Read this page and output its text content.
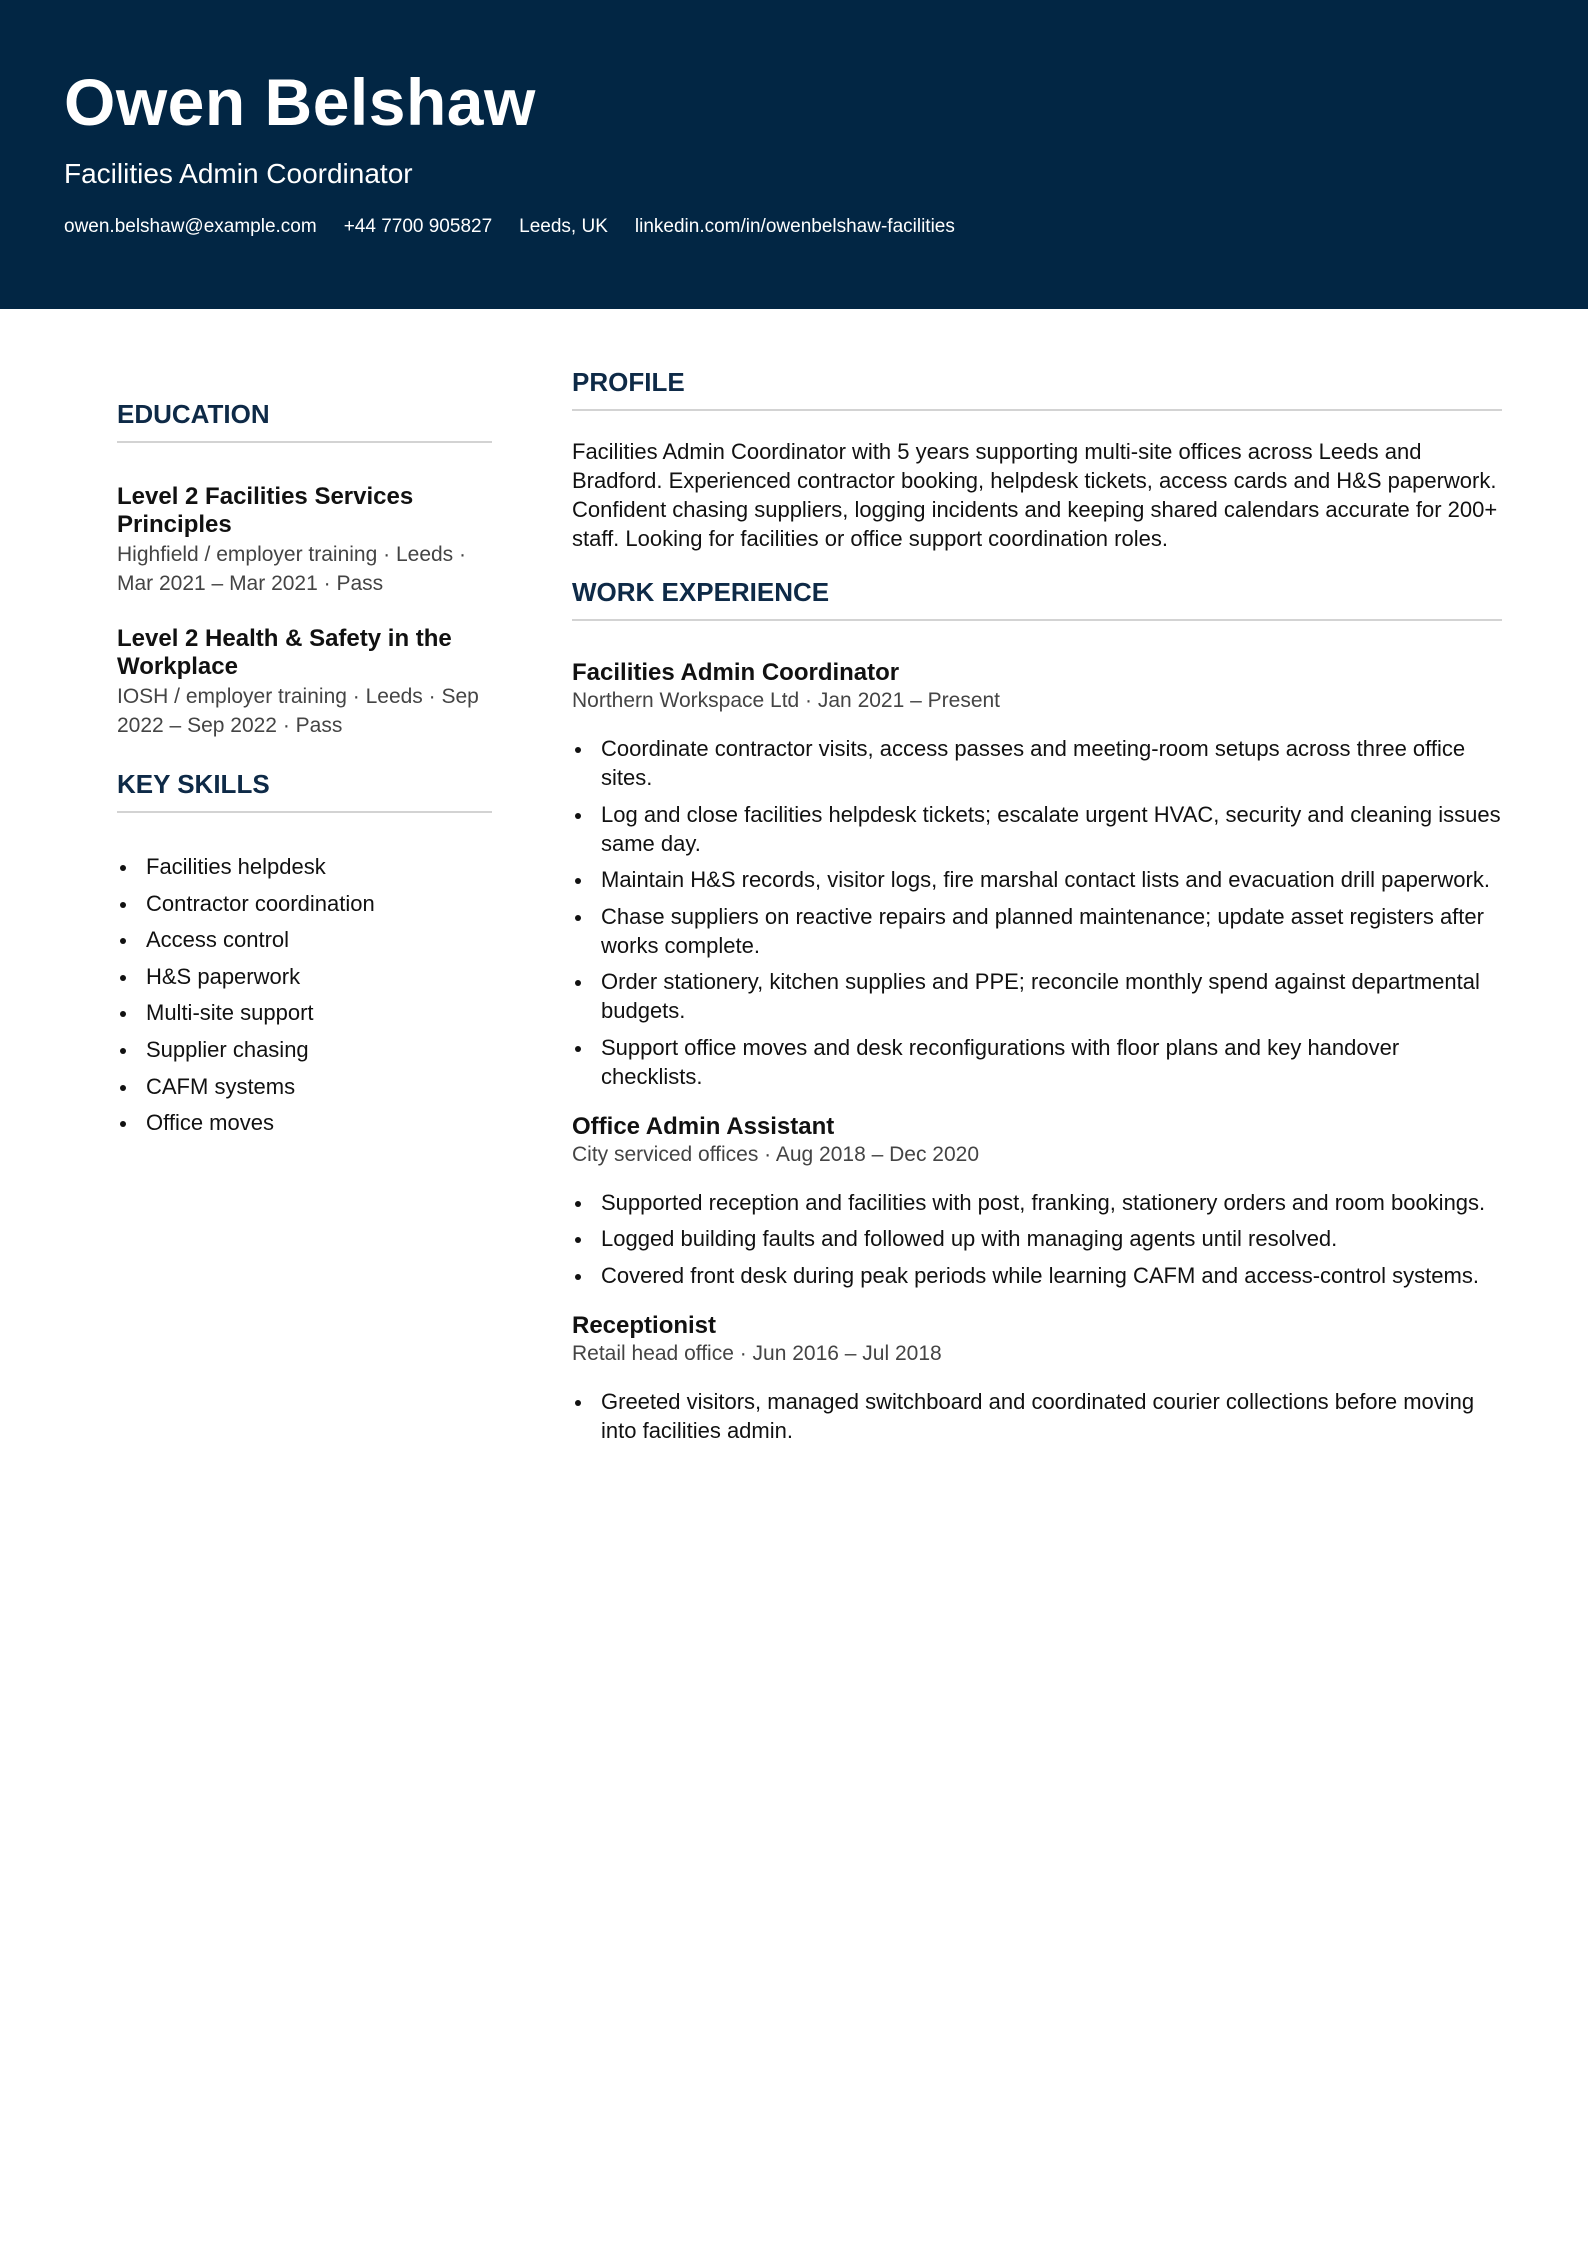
Owen Belshaw
Facilities Admin Coordinator
owen.belshaw@example.com +44 7700 905827 Leeds, UK linkedin.com/in/owenbelshaw-facilities
EDUCATION
Level 2 Facilities Services Principles
Highfield / employer training · Leeds · Mar 2021 – Mar 2021 · Pass
Level 2 Health & Safety in the Workplace
IOSH / employer training · Leeds · Sep 2022 – Sep 2022 · Pass
KEY SKILLS
Facilities helpdesk
Contractor coordination
Access control
H&S paperwork
Multi-site support
Supplier chasing
CAFM systems
Office moves
PROFILE

Facilities Admin Coordinator with 5 years supporting multi-site offices across Leeds and Bradford. Experienced contractor booking, helpdesk tickets, access cards and H&S paperwork. Confident chasing suppliers, logging incidents and keeping shared calendars accurate for 200+ staff. Looking for facilities or office support coordination roles.

WORK EXPERIENCE
Facilities Admin Coordinator
Northern Workspace Ltd · Jan 2021 – Present
Coordinate contractor visits, access passes and meeting-room setups across three office sites.
Log and close facilities helpdesk tickets; escalate urgent HVAC, security and cleaning issues same day.
Maintain H&S records, visitor logs, fire marshal contact lists and evacuation drill paperwork.
Chase suppliers on reactive repairs and planned maintenance; update asset registers after works complete.
Order stationery, kitchen supplies and PPE; reconcile monthly spend against departmental budgets.
Support office moves and desk reconfigurations with floor plans and key handover checklists.
Office Admin Assistant
City serviced offices · Aug 2018 – Dec 2020
Supported reception and facilities with post, franking, stationery orders and room bookings.
Logged building faults and followed up with managing agents until resolved.
Covered front desk during peak periods while learning CAFM and access-control systems.
Receptionist
Retail head office · Jun 2016 – Jul 2018
Greeted visitors, managed switchboard and coordinated courier collections before moving into facilities admin.
